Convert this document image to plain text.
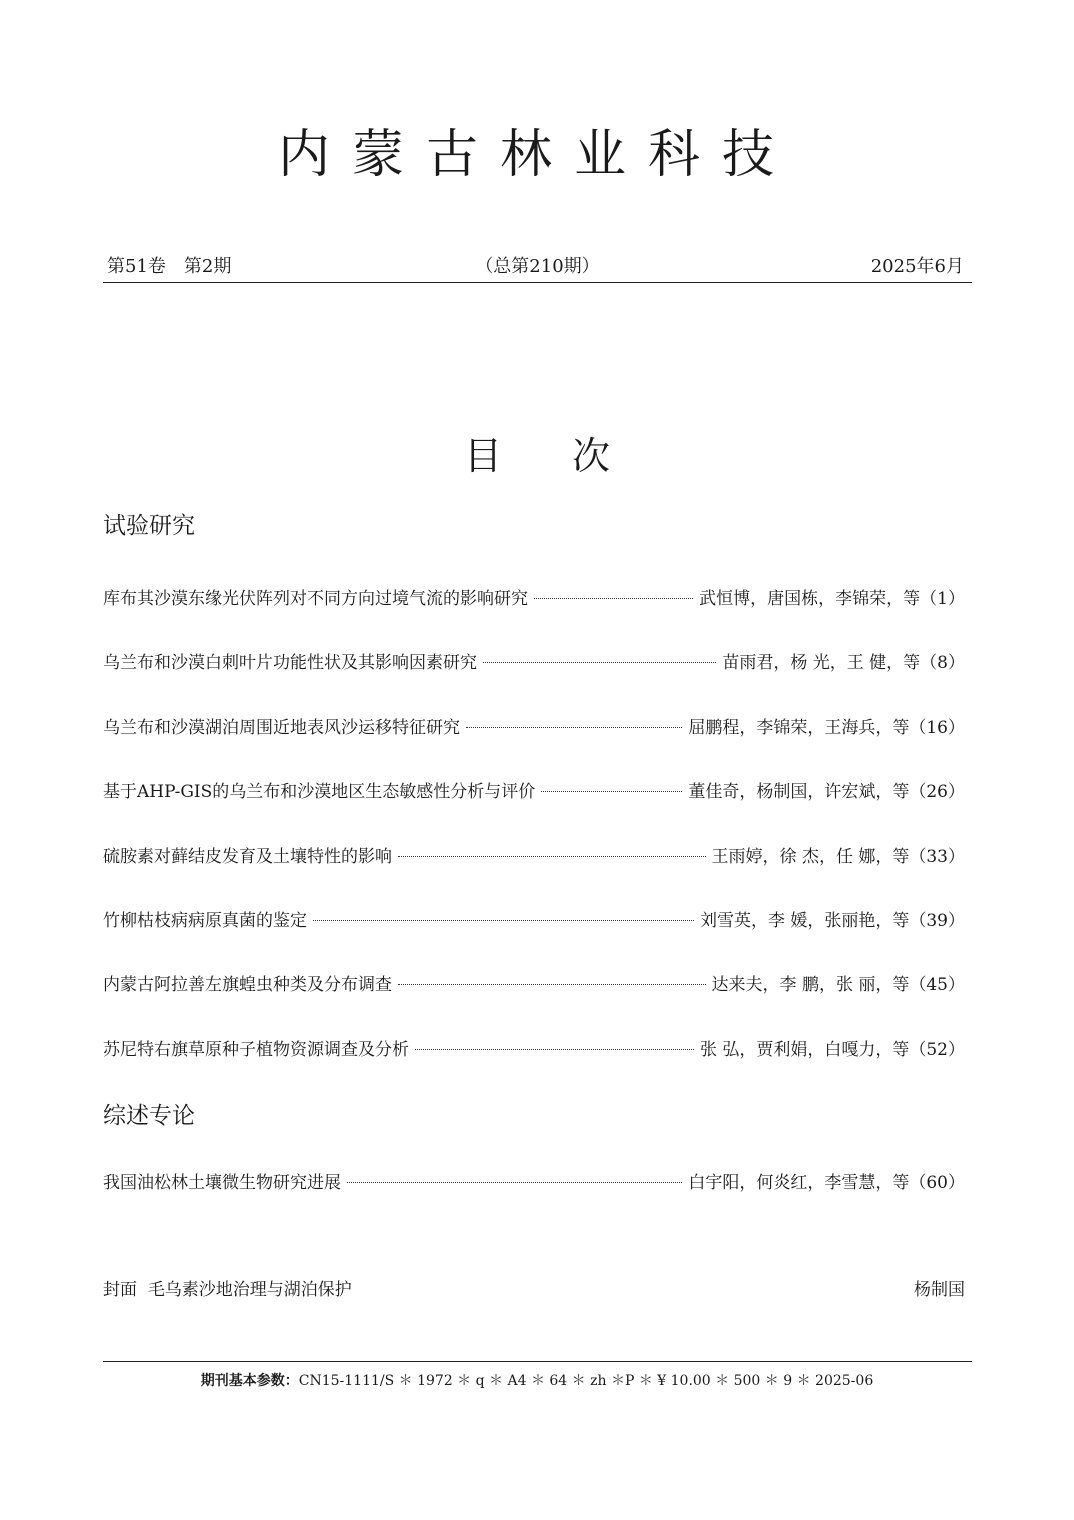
内蒙古林业科技
第51卷　第2期	（总第210期）	2025年6月
目次
试验研究
库布其沙漠东缘光伏阵列对不同方向过境气流的影响研究	武恒博，唐国栋，李锦荣，等 （1）
乌兰布和沙漠白刺叶片功能性状及其影响因素研究	苗雨君，杨 光，王 健，等 （8）
乌兰布和沙漠湖泊周围近地表风沙运移特征研究	屈鹏程，李锦荣，王海兵，等 （16）
基于AHP-GIS的乌兰布和沙漠地区生态敏感性分析与评价	董佳奇，杨制国，许宏斌，等 （26）
硫胺素对藓结皮发育及土壤特性的影响	王雨婷，徐 杰，任 娜，等 （33）
竹柳枯枝病病原真菌的鉴定	刘雪英，李 媛，张丽艳，等 （39）
内蒙古阿拉善左旗蝗虫种类及分布调查	达来夫，李 鹏，张 丽，等 （45）
苏尼特右旗草原种子植物资源调查及分析	张 弘，贾利娟，白嘎力，等 （52）
综述专论
我国油松林土壤微生物研究进展	白宇阳，何炎红，李雪慧，等 （60）
封面 毛乌素沙地治理与湖泊保护	杨制国
期刊基本参数：CN15-1111/S ＊ 1972 ＊ q ＊ A4 ＊ 64 ＊ zh ＊P ＊ ¥ 10.00 ＊ 500 ＊ 9 ＊ 2025-06
